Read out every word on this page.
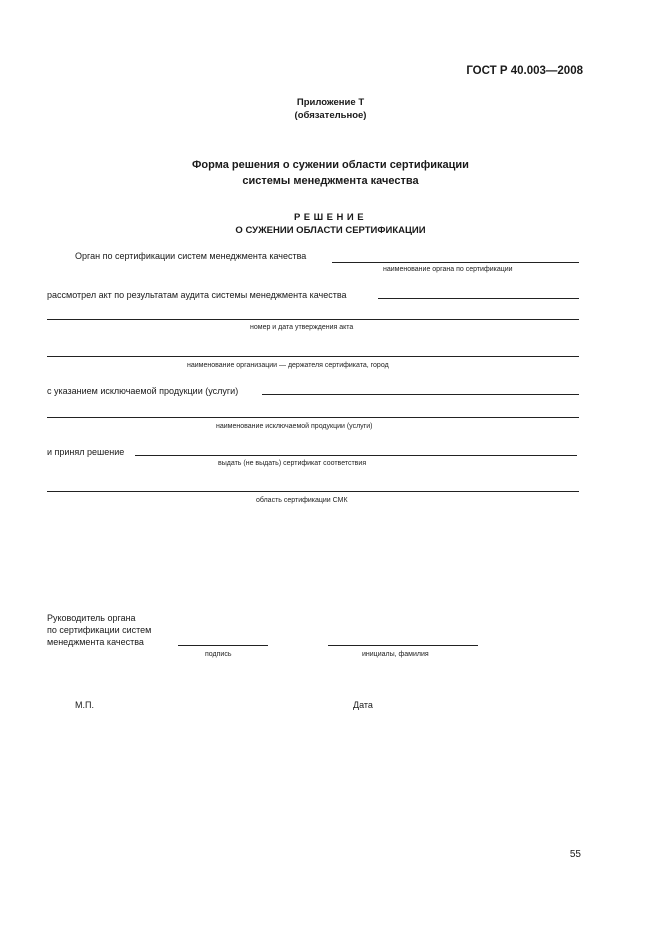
ГОСТ Р 40.003—2008
Приложение Т
(обязательное)
Форма решения о сужении области сертификации
системы менеджмента качества
РЕШЕНИЕ
О СУЖЕНИИ ОБЛАСТИ СЕРТИФИКАЦИИ
Орган по сертификации систем менеджмента качества
наименование органа по сертификации
рассмотрел акт по результатам аудита системы менеджмента качества
номер и дата утверждения акта
наименование организации — держателя сертификата, город
с указанием исключаемой продукции (услуги)
наименование исключаемой продукции (услуги)
и принял решение
выдать (не выдать) сертификат соответствия
область сертификации СМК
Руководитель органа
по сертификации систем
менеджмента качества
подпись	инициалы, фамилия
М.П.	Дата
55
